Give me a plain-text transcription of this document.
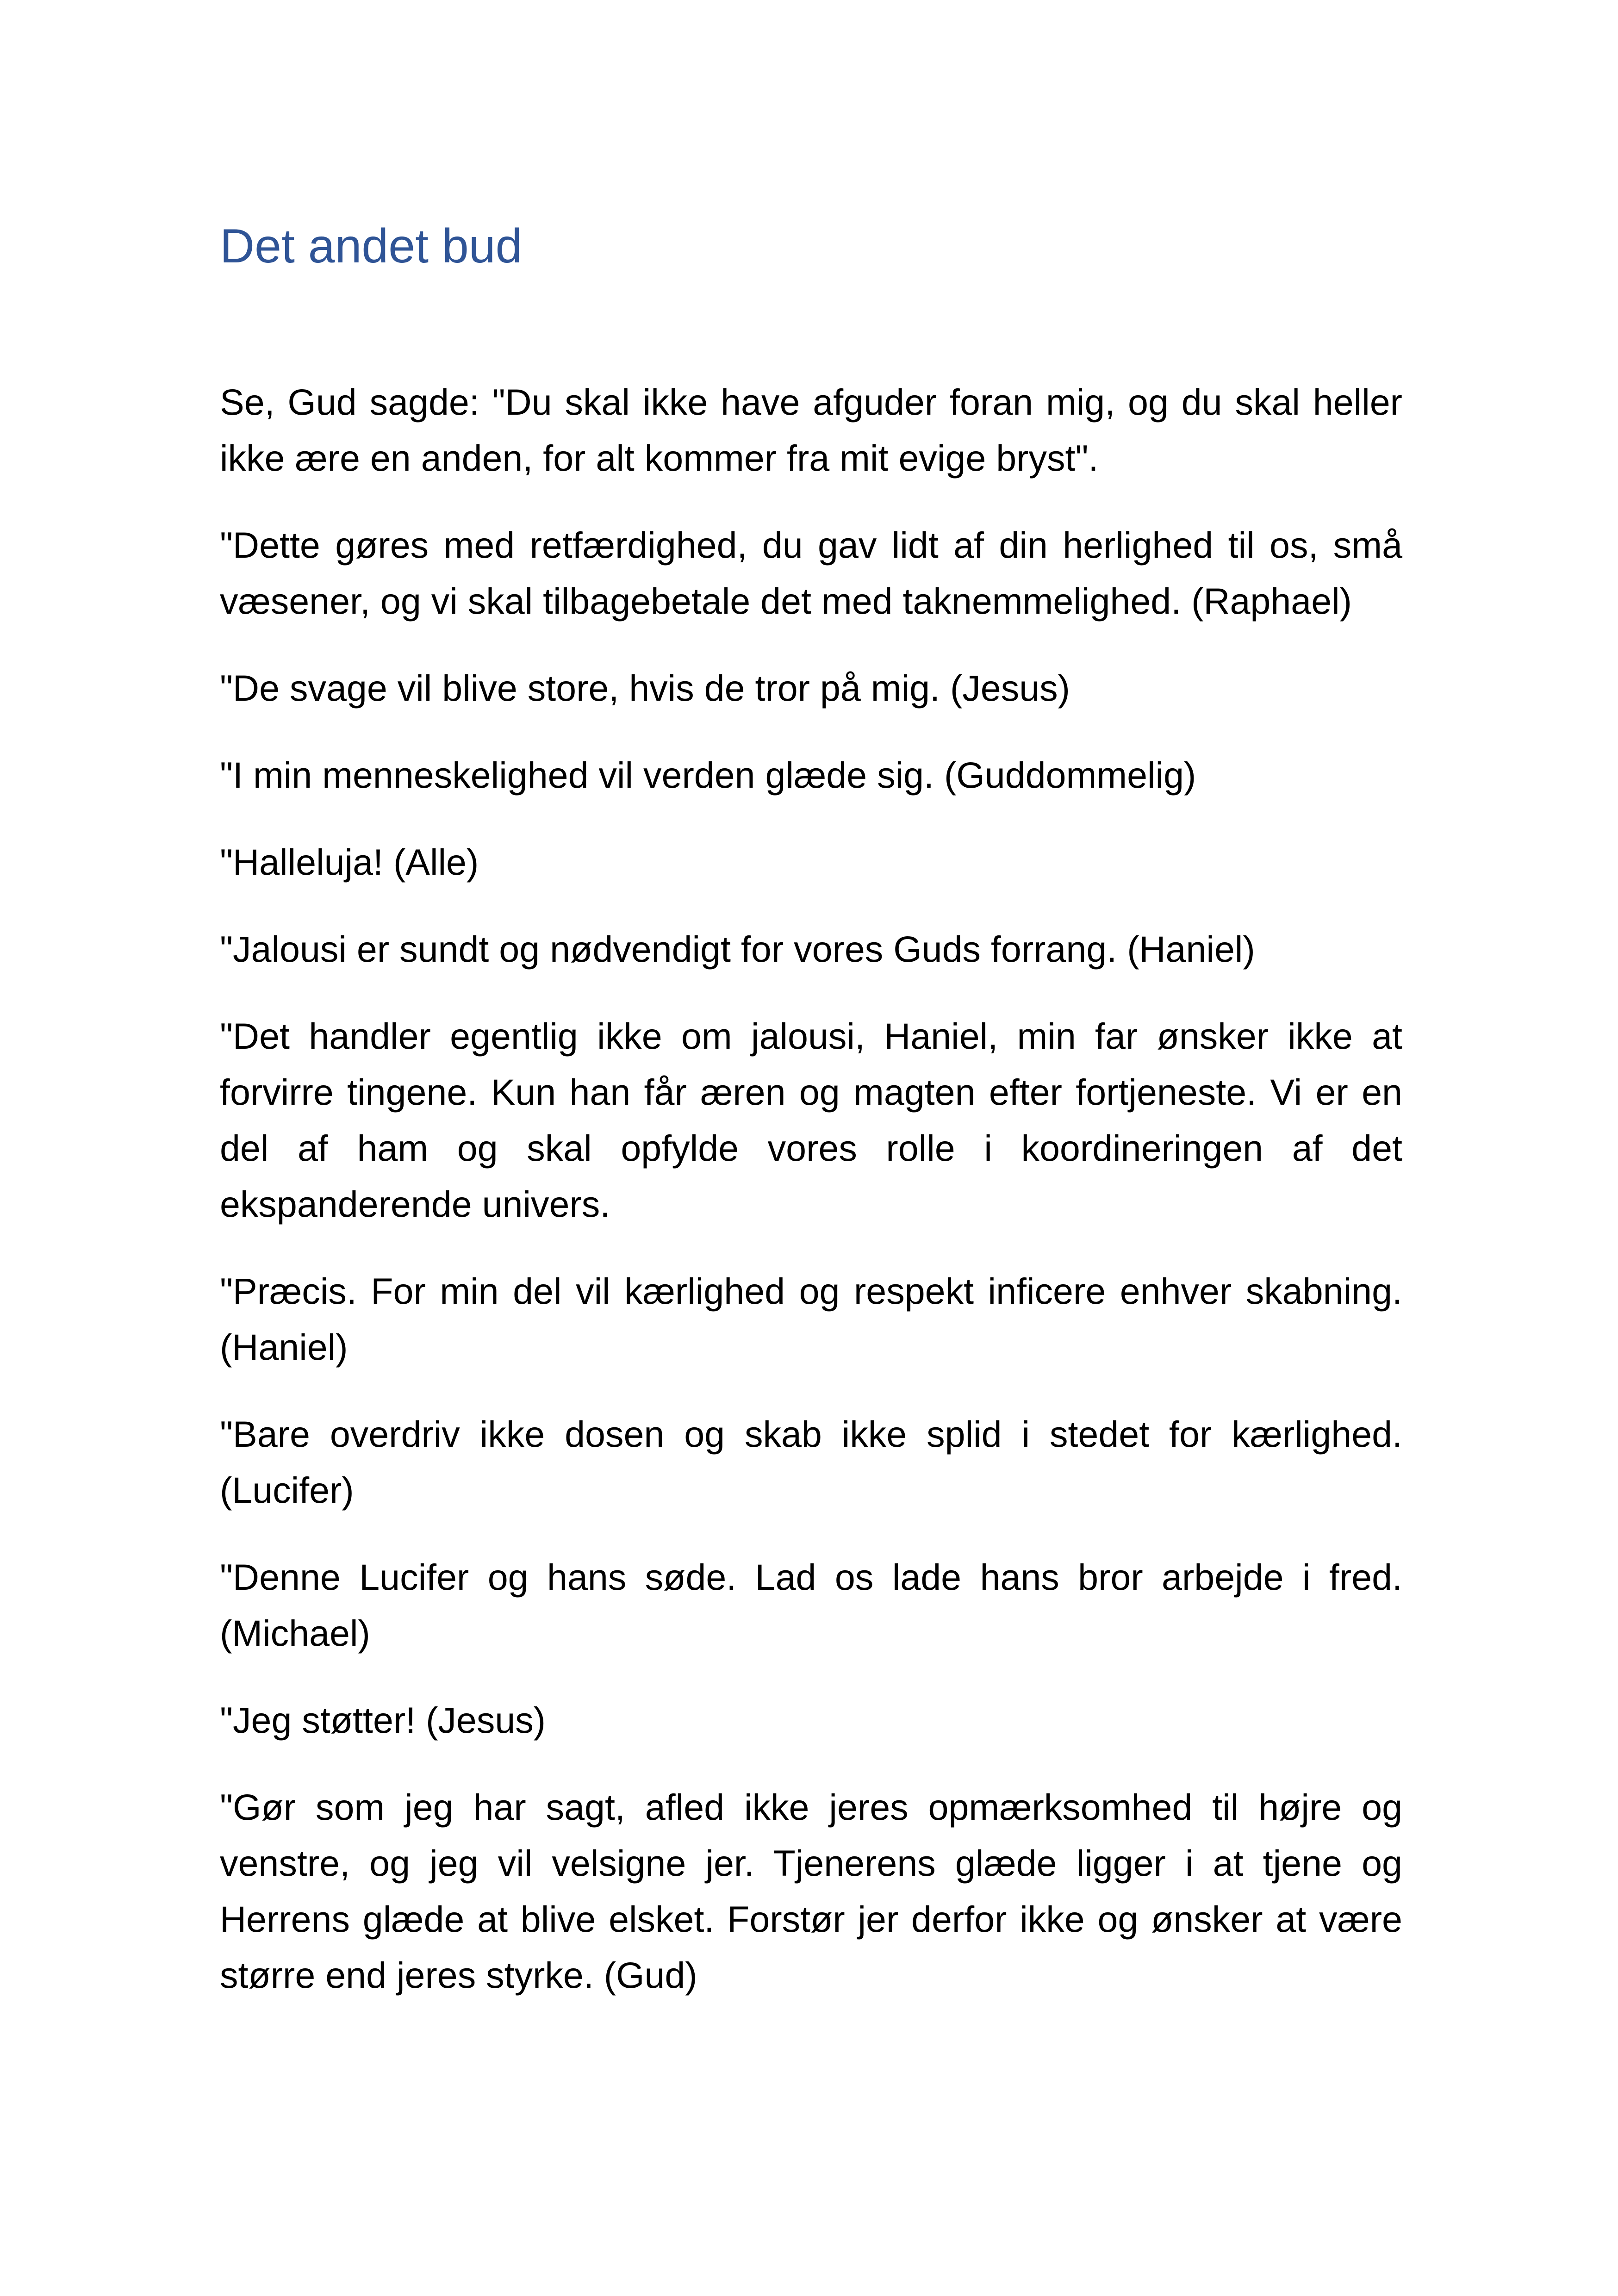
Det andet bud

Se, Gud sagde: "Du skal ikke have afguder foran mig, og du skal heller ikke ære en anden, for alt kommer fra mit evige bryst".

"Dette gøres med retfærdighed, du gav lidt af din herlighed til os, små væsener, og vi skal tilbagebetale det med taknemmelighed. (Raphael)

"De svage vil blive store, hvis de tror på mig. (Jesus)

"I min menneskelighed vil verden glæde sig. (Guddommelig)

"Halleluja! (Alle)

"Jalousi er sundt og nødvendigt for vores Guds forrang. (Haniel)

"Det handler egentlig ikke om jalousi, Haniel, min far ønsker ikke at forvirre tingene. Kun han får æren og magten efter fortjeneste. Vi er en del af ham og skal opfylde vores rolle i koordineringen af det ekspanderende univers.

"Præcis. For min del vil kærlighed og respekt inficere enhver skabning. (Haniel)

"Bare overdriv ikke dosen og skab ikke splid i stedet for kærlighed. (Lucifer)

"Denne Lucifer og hans søde. Lad os lade hans bror arbejde i fred. (Michael)

"Jeg støtter! (Jesus)

"Gør som jeg har sagt, afled ikke jeres opmærksomhed til højre og venstre, og jeg vil velsigne jer. Tjenerens glæde ligger i at tjene og Herrens glæde at blive elsket. Forstør jer derfor ikke og ønsker at være større end jeres styrke. (Gud)
